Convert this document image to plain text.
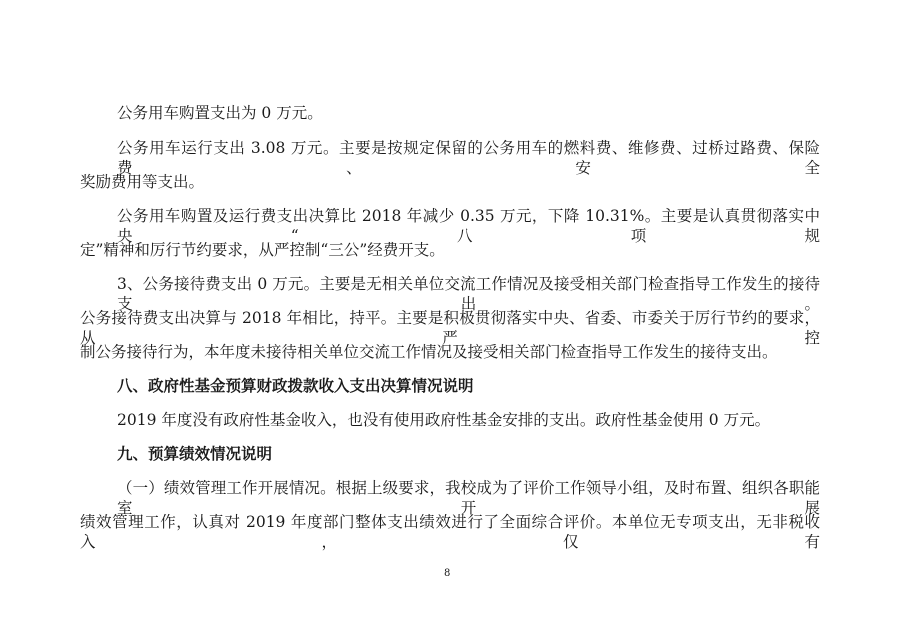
公务用车购置支出为 0 万元。
公务用车运行支出 3.08 万元。主要是按规定保留的公务用车的燃料费、维修费、过桥过路费、保险费、安全
奖励费用等支出。
公务用车购置及运行费支出决算比 2018 年减少 0.35 万元，下降 10.31%。主要是认真贯彻落实中央“八项规
定”精神和厉行节约要求，从严控制“三公”经费开支。
3、公务接待费支出 0 万元。主要是无相关单位交流工作情况及接受相关部门检查指导工作发生的接待支出。
公务接待费支出决算与 2018 年相比，持平。主要是积极贯彻落实中央、省委、市委关于厉行节约的要求，从严控
制公务接待行为，本年度未接待相关单位交流工作情况及接受相关部门检查指导工作发生的接待支出。
八、政府性基金预算财政拨款收入支出决算情况说明
2019 年度没有政府性基金收入，也没有使用政府性基金安排的支出。政府性基金使用 0 万元。
九、预算绩效情况说明
（一）绩效管理工作开展情况。根据上级要求，我校成为了评价工作领导小组，及时布置、组织各职能室开展
绩效管理工作，认真对 2019 年度部门整体支出绩效进行了全面综合评价。本单位无专项支出，无非税收入，仅有
8
